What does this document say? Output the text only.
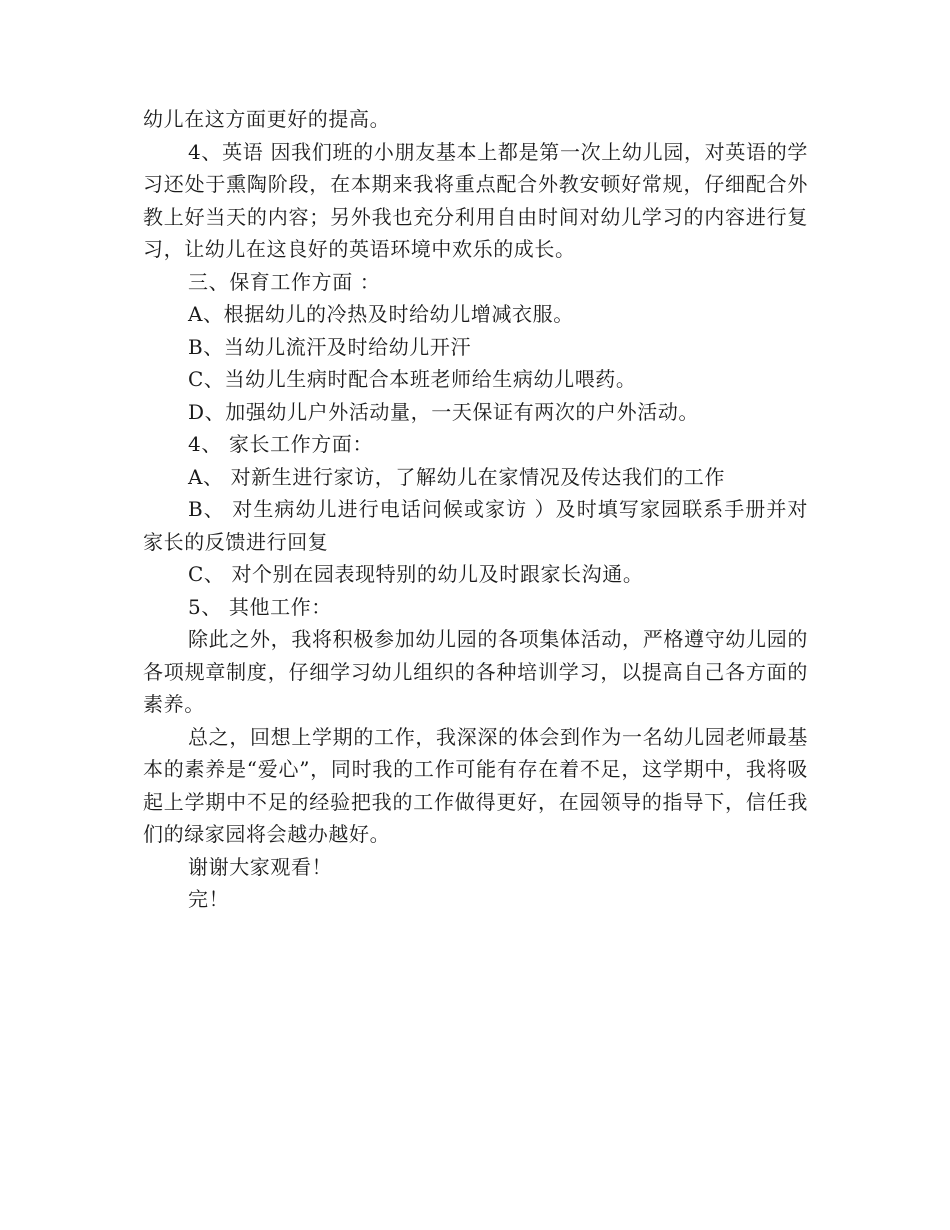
幼儿在这方面更好的提高。

4、英语 因我们班的小朋友基本上都是第一次上幼儿园，对英语的学习还处于熏陶阶段，在本期来我将重点配合外教安顿好常规，仔细配合外教上好当天的内容；另外我也充分利用自由时间对幼儿学习的内容进行复习，让幼儿在这良好的英语环境中欢乐的成长。

三、保育工作方面 ：

A、根据幼儿的冷热及时给幼儿增减衣服。

B、当幼儿流汗及时给幼儿开汗

C、当幼儿生病时配合本班老师给生病幼儿喂药。

D、加强幼儿户外活动量，一天保证有两次的户外活动。

4、 家长工作方面：

A、 对新生进行家访，了解幼儿在家情况及传达我们的工作

B、 对生病幼儿进行电话问候或家访 ）及时填写家园联系手册并对家长的反馈进行回复

C、 对个别在园表现特别的幼儿及时跟家长沟通。

5、 其他工作：

除此之外，我将积极参加幼儿园的各项集体活动，严格遵守幼儿园的各项规章制度，仔细学习幼儿组织的各种培训学习，以提高自己各方面的素养。

总之，回想上学期的工作，我深深的体会到作为一名幼儿园老师最基本的素养是“爱心”，同时我的工作可能有存在着不足，这学期中，我将吸起上学期中不足的经验把我的工作做得更好，在园领导的指导下，信任我们的绿家园将会越办越好。

谢谢大家观看！

完！
